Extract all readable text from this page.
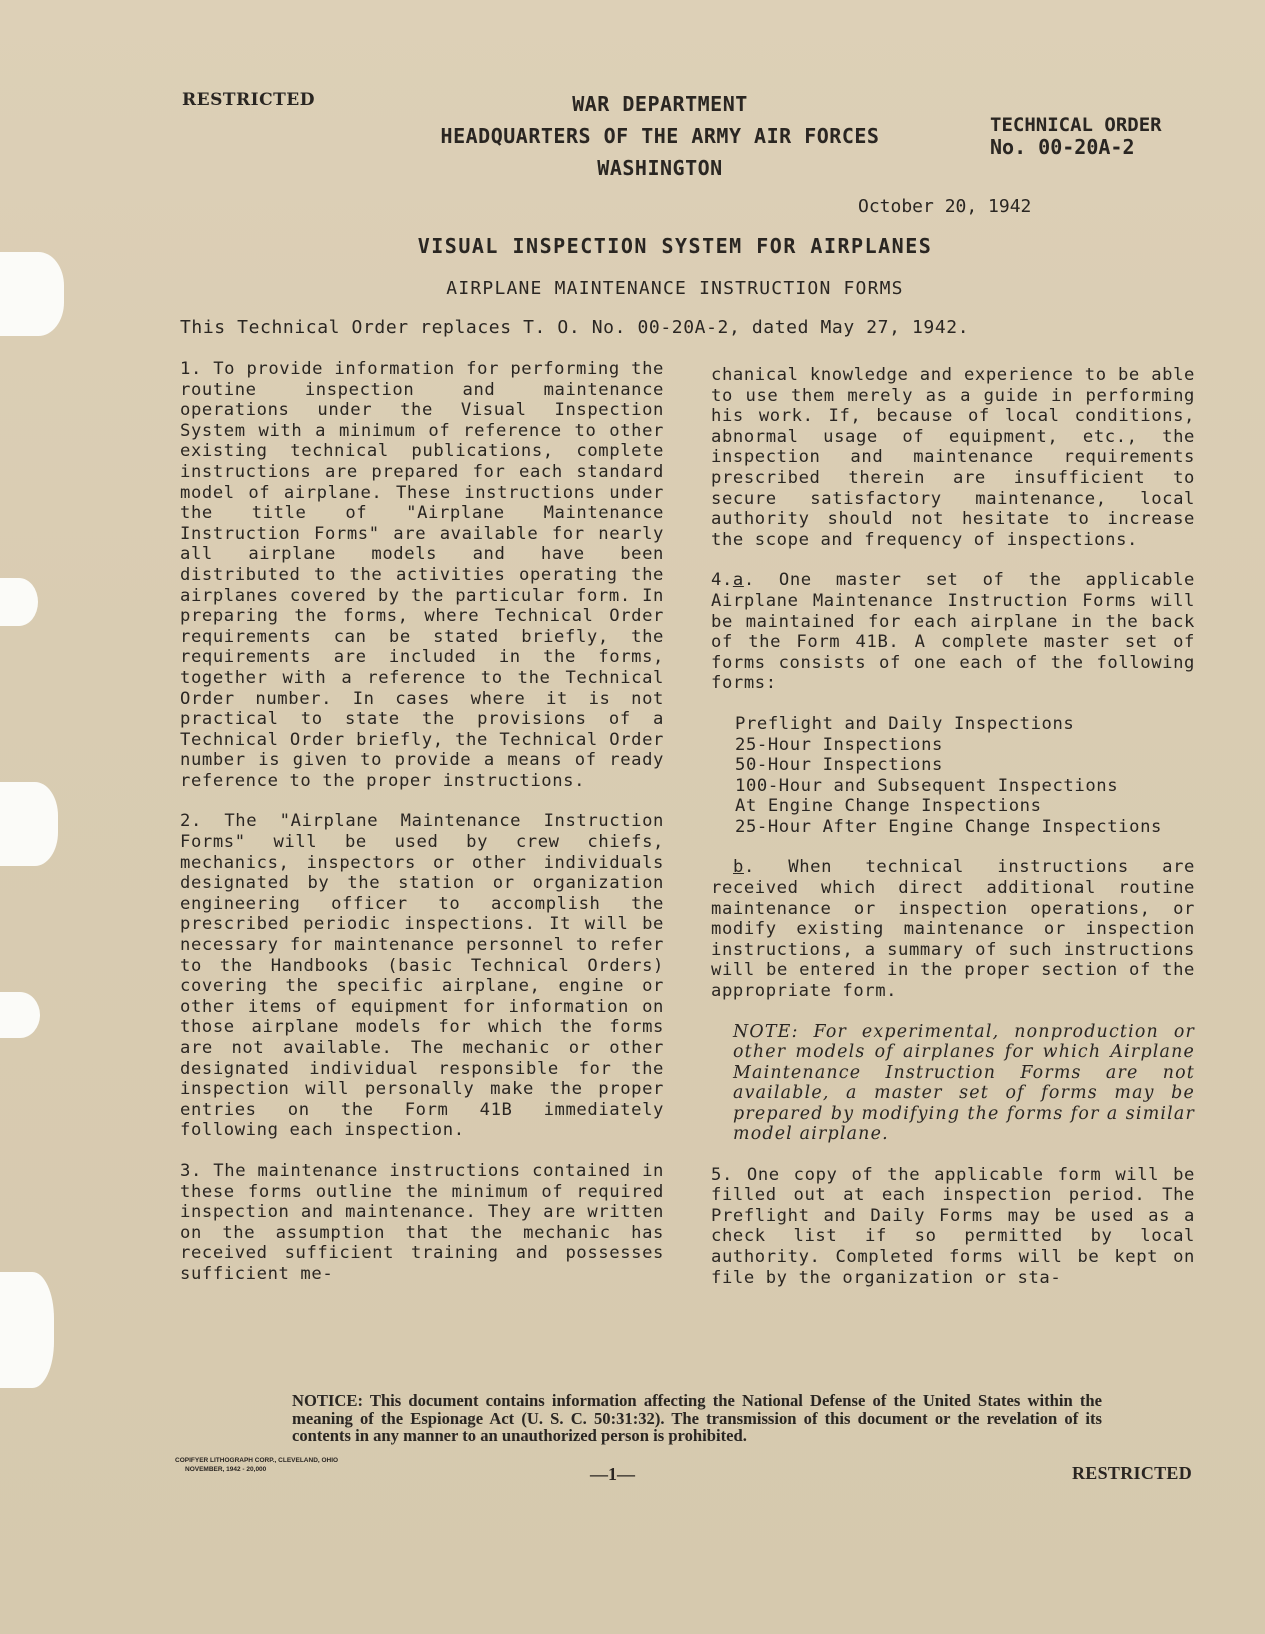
RESTRICTED	WAR DEPARTMENT
HEADQUARTERS OF THE ARMY AIR FORCES
WASHINGTON
TECHNICAL ORDER
No. 00-20A-2
October 20, 1942
VISUAL INSPECTION SYSTEM FOR AIRPLANES
AIRPLANE MAINTENANCE INSTRUCTION FORMS
This Technical Order replaces T. O. No. 00-20A-2, dated May 27, 1942.

1. To provide information for performing the routine inspection and maintenance operations under the Visual Inspection System with a minimum of reference to other existing technical publications, complete instructions are prepared for each standard model of airplane. These instructions under the title of "Airplane Maintenance Instruction Forms" are available for nearly all airplane models and have been distributed to the activities operating the airplanes covered by the particular form. In preparing the forms, where Technical Order requirements can be stated briefly, the requirements are included in the forms, together with a reference to the Technical Order number. In cases where it is not practical to state the provisions of a Technical Order briefly, the Technical Order number is given to provide a means of ready reference to the proper instructions.

2. The "Airplane Maintenance Instruction Forms" will be used by crew chiefs, mechanics, inspectors or other individuals designated by the station or organization engineering officer to accomplish the prescribed periodic inspections. It will be necessary for maintenance personnel to refer to the Handbooks (basic Technical Orders) covering the specific airplane, engine or other items of equipment for information on those airplane models for which the forms are not available. The mechanic or other designated individual responsible for the inspection will personally make the proper entries on the Form 41B immediately following each inspection.

3. The maintenance instructions contained in these forms outline the minimum of required inspection and maintenance. They are written on the assumption that the mechanic has received sufficient training and possesses sufficient me-

chanical knowledge and experience to be able to use them merely as a guide in performing his work. If, because of local conditions, abnormal usage of equipment, etc., the inspection and maintenance requirements prescribed therein are insufficient to secure satisfactory maintenance, local authority should not hesitate to increase the scope and frequency of inspections.

4.a. One master set of the applicable Airplane Maintenance Instruction Forms will be maintained for each airplane in the back of the Form 41B. A complete master set of forms consists of one each of the following forms:

Preflight and Daily Inspections
25-Hour Inspections
50-Hour Inspections
100-Hour and Subsequent Inspections
At Engine Change Inspections
25-Hour After Engine Change Inspections

b. When technical instructions are received which direct additional routine maintenance or inspection operations, or modify existing maintenance or inspection instructions, a summary of such instructions will be entered in the proper section of the appropriate form.

NOTE: For experimental, nonproduction or other models of airplanes for which Airplane Maintenance Instruction Forms are not available, a master set of forms may be prepared by modifying the forms for a similar model airplane.

5. One copy of the applicable form will be filled out at each inspection period. The Preflight and Daily Forms may be used as a check list if so permitted by local authority. Completed forms will be kept on file by the organization or sta-

NOTICE: This document contains information affecting the National Defense of the United States within the meaning of the Espionage Act (U. S. C. 50:31:32). The transmission of this document or the revelation of its contents in any manner to an unauthorized person is prohibited.
COPIFYER LITHOGRAPH CORP., CLEVELAND, OHIO
NOVEMBER, 1942 - 20,000	—1—	RESTRICTED
